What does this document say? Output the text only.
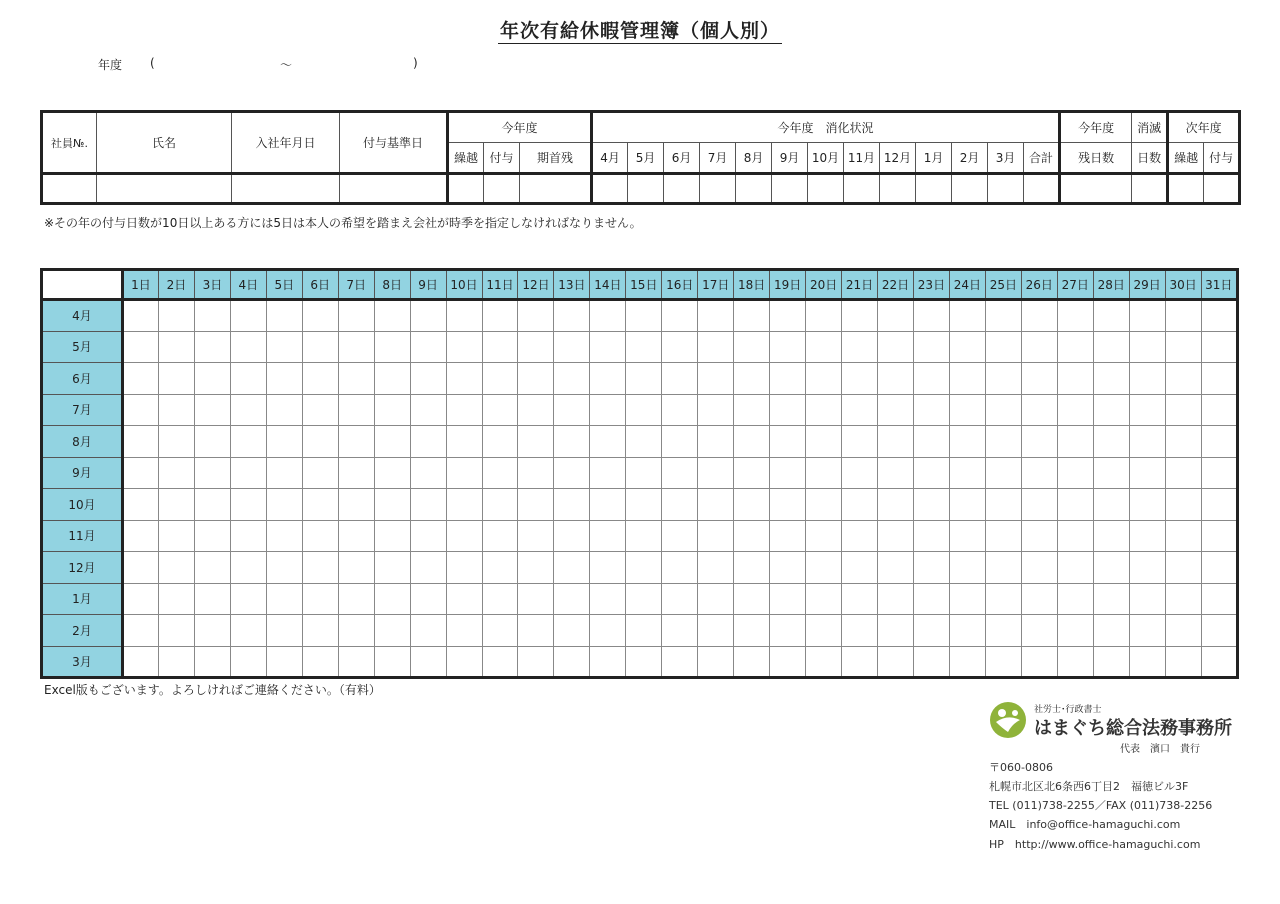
年次有給休暇管理簿（個人別）
年度 (	～	)
社員№.	氏名	入社年月日	付与基準日	今年度			今年度　消化状況													今年度	消滅	次年度	
				繰越	付与	期首残	4月	5月	6月	7月	8月	9月	10月	11月	12月	1月	2月	3月	合計	残日数	日数	繰越	付与

※その年の付与日数が10日以上ある方には5日は本人の希望を踏まえ会社が時季を指定しなければなりません。
	1日	2日	3日	4日	5日	6日	7日	8日	9日	10日	11日	12日	13日	14日	15日	16日	17日	18日	19日	20日	21日	22日	23日	24日	25日	26日	27日	28日	29日	30日	31日
4月																															
5月																															
6月																															
7月																															
8月																															
9月																															
10月																															
11月																															
12月																															
1月																															
2月																															
3月																															
Excel版もございます。よろしければご連絡ください。（有料）
社労士･行政書士
はまぐち総合法務事務所
代表　濱口　貴行
〒060-0806
札幌市北区北6条西6丁目2　福徳ビル3F
TEL (011)738-2255／FAX (011)738-2256
MAIL　info@office-hamaguchi.com
HP　http://www.office-hamaguchi.com
